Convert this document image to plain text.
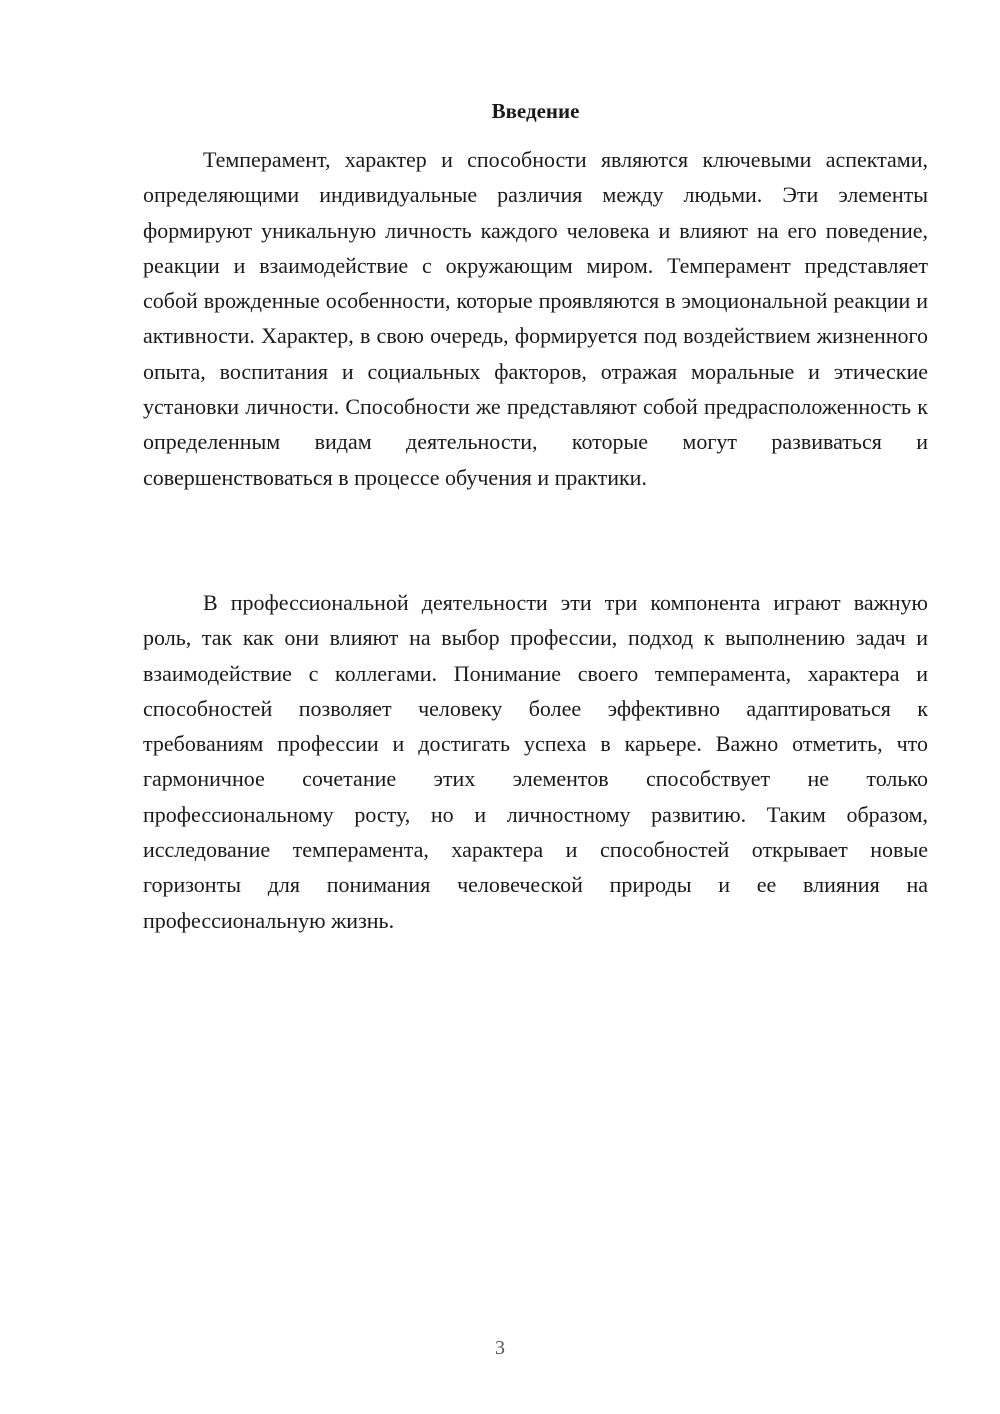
Введение

Темперамент, характер и способности являются ключевыми аспектами, определяющими индивидуальные различия между людьми. Эти элементы формируют уникальную личность каждого человека и влияют на его поведение, реакции и взаимодействие с окружающим миром. Темперамент представляет собой врожденные особенности, которые проявляются в эмоциональной реакции и активности. Характер, в свою очередь, формируется под воздействием жизненного опыта, воспитания и социальных факторов, отражая моральные и этические установки личности. Способности же представляют собой предрасположенность к определенным видам деятельности, которые могут развиваться и совершенствоваться в процессе обучения и практики.

В профессиональной деятельности эти три компонента играют важную роль, так как они влияют на выбор профессии, подход к выполнению задач и взаимодействие с коллегами. Понимание своего темперамента, характера и способностей позволяет человеку более эффективно адаптироваться к требованиям профессии и достигать успеха в карьере. Важно отметить, что гармоничное сочетание этих элементов способствует не только профессиональному росту, но и личностному развитию. Таким образом, исследование темперамента, характера и способностей открывает новые горизонты для понимания человеческой природы и ее влияния на профессиональную жизнь.

3
